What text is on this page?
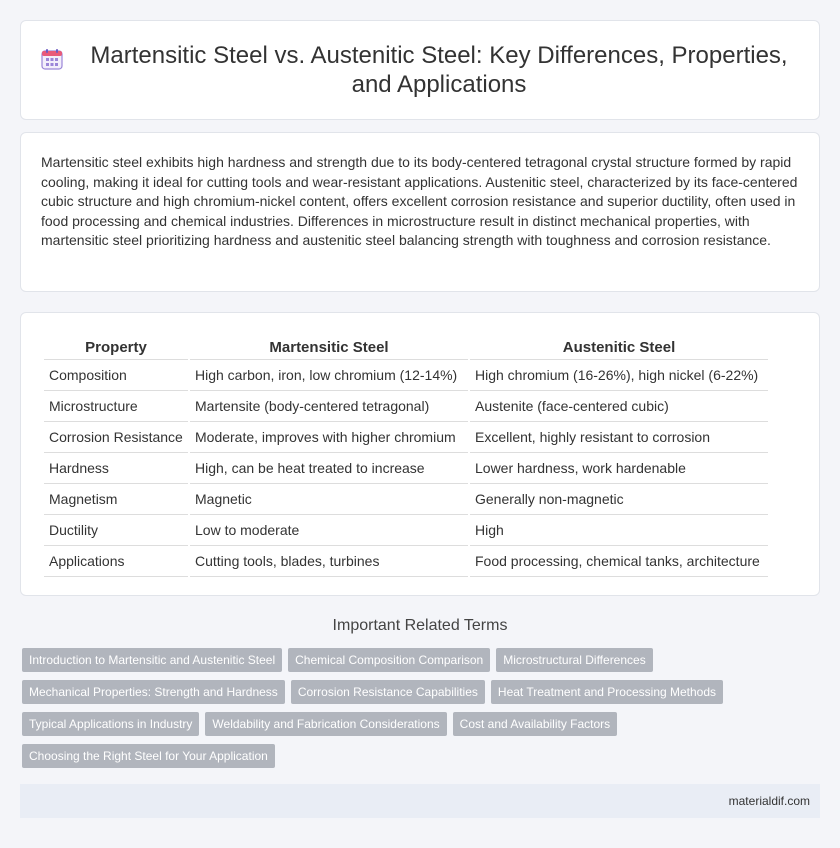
Martensitic Steel vs. Austenitic Steel: Key Differences, Properties, and Applications
Martensitic steel exhibits high hardness and strength due to its body-centered tetragonal crystal structure formed by rapid cooling, making it ideal for cutting tools and wear-resistant applications. Austenitic steel, characterized by its face-centered cubic structure and high chromium-nickel content, offers excellent corrosion resistance and superior ductility, often used in food processing and chemical industries. Differences in microstructure result in distinct mechanical properties, with martensitic steel prioritizing hardness and austenitic steel balancing strength with toughness and corrosion resistance.
Property	Martensitic Steel	Austenitic Steel
Composition	High carbon, iron, low chromium (12-14%)	High chromium (16-26%), high nickel (6-22%)
Microstructure	Martensite (body-centered tetragonal)	Austenite (face-centered cubic)
Corrosion Resistance	Moderate, improves with higher chromium	Excellent, highly resistant to corrosion
Hardness	High, can be heat treated to increase	Lower hardness, work hardenable
Magnetism	Magnetic	Generally non-magnetic
Ductility	Low to moderate	High
Applications	Cutting tools, blades, turbines	Food processing, chemical tanks, architecture
Important Related Terms
Introduction to Martensitic and Austenitic Steel	Chemical Composition Comparison	Microstructural Differences
Mechanical Properties: Strength and Hardness	Corrosion Resistance Capabilities	Heat Treatment and Processing Methods
Typical Applications in Industry	Weldability and Fabrication Considerations	Cost and Availability Factors
Choosing the Right Steel for Your Application
materialdif.com
